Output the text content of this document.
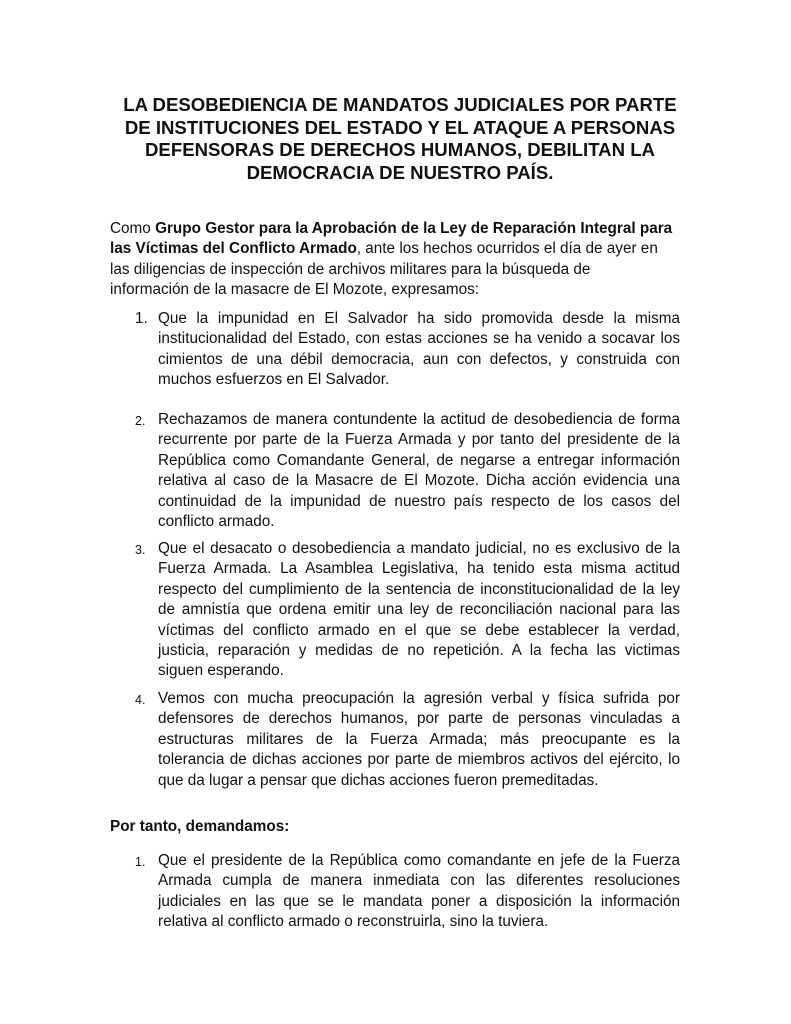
LA DESOBEDIENCIA DE MANDATOS JUDICIALES POR PARTE
DE INSTITUCIONES DEL ESTADO Y EL ATAQUE A PERSONAS
DEFENSORAS DE DERECHOS HUMANOS, DEBILITAN LA
DEMOCRACIA DE NUESTRO PAÍS.

Como Grupo Gestor para la Aprobación de la Ley de Reparación Integral para
las Víctimas del Conflicto Armado, ante los hechos ocurridos el día de ayer en
las diligencias de inspección de archivos militares para la búsqueda de
información de la masacre de El Mozote, expresamos:

1. Que la impunidad en El Salvador ha sido promovida desde la misma
institucionalidad del Estado, con estas acciones se ha venido a socavar los
cimientos de una débil democracia, aun con defectos, y construida con
muchos esfuerzos en El Salvador.
2. Rechazamos de manera contundente la actitud de desobediencia de forma
recurrente por parte de la Fuerza Armada y por tanto del presidente de la
República como Comandante General, de negarse a entregar información
relativa al caso de la Masacre de El Mozote. Dicha acción evidencia una
continuidad de la impunidad de nuestro país respecto de los casos del
conflicto armado.
3. Que el desacato o desobediencia a mandato judicial, no es exclusivo de la
Fuerza Armada. La Asamblea Legislativa, ha tenido esta misma actitud
respecto del cumplimiento de la sentencia de inconstitucionalidad de la ley
de amnistía que ordena emitir una ley de reconciliación nacional para las
víctimas del conflicto armado en el que se debe establecer la verdad,
justicia, reparación y medidas de no repetición. A la fecha las victimas
siguen esperando.
4. Vemos con mucha preocupación la agresión verbal y física sufrida por
defensores de derechos humanos, por parte de personas vinculadas a
estructuras militares de la Fuerza Armada; más preocupante es la
tolerancia de dichas acciones por parte de miembros activos del ejército, lo
que da lugar a pensar que dichas acciones fueron premeditadas.
Por tanto, demandamos:
1. Que el presidente de la República como comandante en jefe de la Fuerza
Armada cumpla de manera inmediata con las diferentes resoluciones
judiciales en las que se le mandata poner a disposición la información
relativa al conflicto armado o reconstruirla, sino la tuviera.
